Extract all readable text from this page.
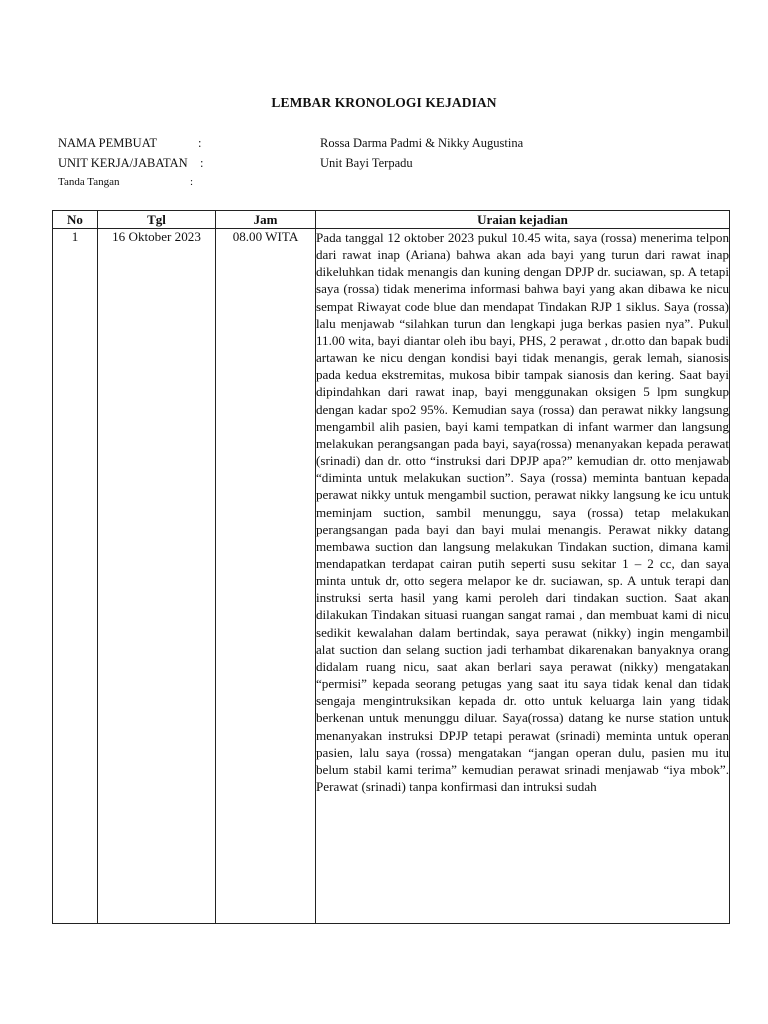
LEMBAR KRONOLOGI KEJADIAN
NAMA PEMBUAT	:	Rossa Darma Padmi & Nikky Augustina
UNIT KERJA/JABATAN :	Unit Bayi Terpadu
Tanda Tangan	:
No	Tgl	Jam	Uraian kejadian
1	16 Oktober 2023	08.00 WITA	Pada tanggal 12 oktober 2023 pukul 10.45 wita, saya (rossa) menerima telpon dari rawat inap (Ariana) bahwa akan ada bayi yang turun dari rawat inap dikeluhkan tidak menangis dan kuning dengan DPJP dr. suciawan, sp. A tetapi saya (rossa) tidak menerima informasi bahwa bayi yang akan dibawa ke nicu sempat Riwayat code blue dan mendapat Tindakan RJP 1 siklus. Saya (rossa) lalu menjawab “silahkan turun dan lengkapi juga berkas pasien nya”. Pukul 11.00 wita, bayi diantar oleh ibu bayi, PHS, 2 perawat , dr.otto dan bapak budi artawan ke nicu dengan kondisi bayi tidak menangis, gerak lemah, sianosis pada kedua ekstremitas, mukosa bibir tampak sianosis dan kering. Saat bayi dipindahkan dari rawat inap, bayi menggunakan oksigen 5 lpm sungkup dengan kadar spo2 95%. Kemudian saya (rossa) dan perawat nikky langsung mengambil alih pasien, bayi kami tempatkan di infant warmer dan langsung melakukan perangsangan pada bayi, saya(rossa) menanyakan kepada perawat (srinadi) dan dr. otto “instruksi dari DPJP apa?” kemudian dr. otto menjawab “diminta untuk melakukan suction”. Saya (rossa) meminta bantuan kepada perawat nikky untuk mengambil suction, perawat nikky langsung ke icu untuk meminjam suction, sambil menunggu, saya (rossa) tetap melakukan perangsangan pada bayi dan bayi mulai menangis. Perawat nikky datang membawa suction dan langsung melakukan Tindakan suction, dimana kami mendapatkan terdapat cairan putih seperti susu sekitar 1 – 2 cc, dan saya minta untuk dr, otto segera melapor ke dr. suciawan, sp. A untuk terapi dan instruksi serta hasil yang kami peroleh dari tindakan suction. Saat akan dilakukan Tindakan situasi ruangan sangat ramai , dan membuat kami di nicu sedikit kewalahan dalam bertindak, saya perawat (nikky) ingin mengambil alat suction dan selang suction jadi terhambat dikarenakan banyaknya orang didalam ruang nicu, saat akan berlari saya perawat (nikky) mengatakan “permisi” kepada seorang petugas yang saat itu saya tidak kenal dan tidak sengaja mengintruksikan kepada dr. otto untuk keluarga lain yang tidak berkenan untuk menunggu diluar. Saya(rossa) datang ke nurse station untuk menanyakan instruksi DPJP tetapi perawat (srinadi) meminta untuk operan pasien, lalu saya (rossa) mengatakan “jangan operan dulu, pasien mu itu belum stabil kami terima” kemudian perawat srinadi menjawab “iya mbok”. Perawat (srinadi) tanpa konfirmasi dan intruksi sudah
